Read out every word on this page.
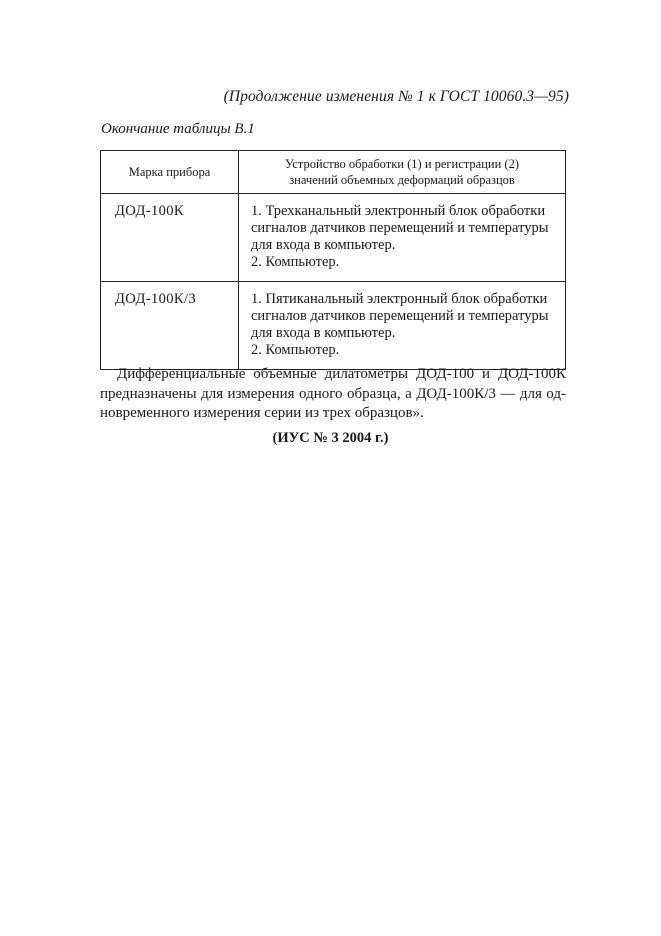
(Продолжение изменения № 1 к ГОСТ 10060.3—95)
Окончание таблицы В.1
Марка прибора	Устройство обработки (1) и регистрации (2)
значений объемных деформаций образцов

ДОД-100К	1. Трехканальный электронный блок обработки
сигналов датчиков перемещений и температуры
для входа в компьютер.
2. Компьютер.

ДОД-100К/3	1. Пятиканальный электронный блок обработки
сигналов датчиков перемещений и температуры
для входа в компьютер.
2. Компьютер.
Дифференциальные объемные дилатометры ДОД-100 и ДОД-100К
предназначены для измерения одного образца, а ДОД-100К/3 — для од-
новременного измерения серии из трех образцов».
(ИУС № 3 2004 г.)
